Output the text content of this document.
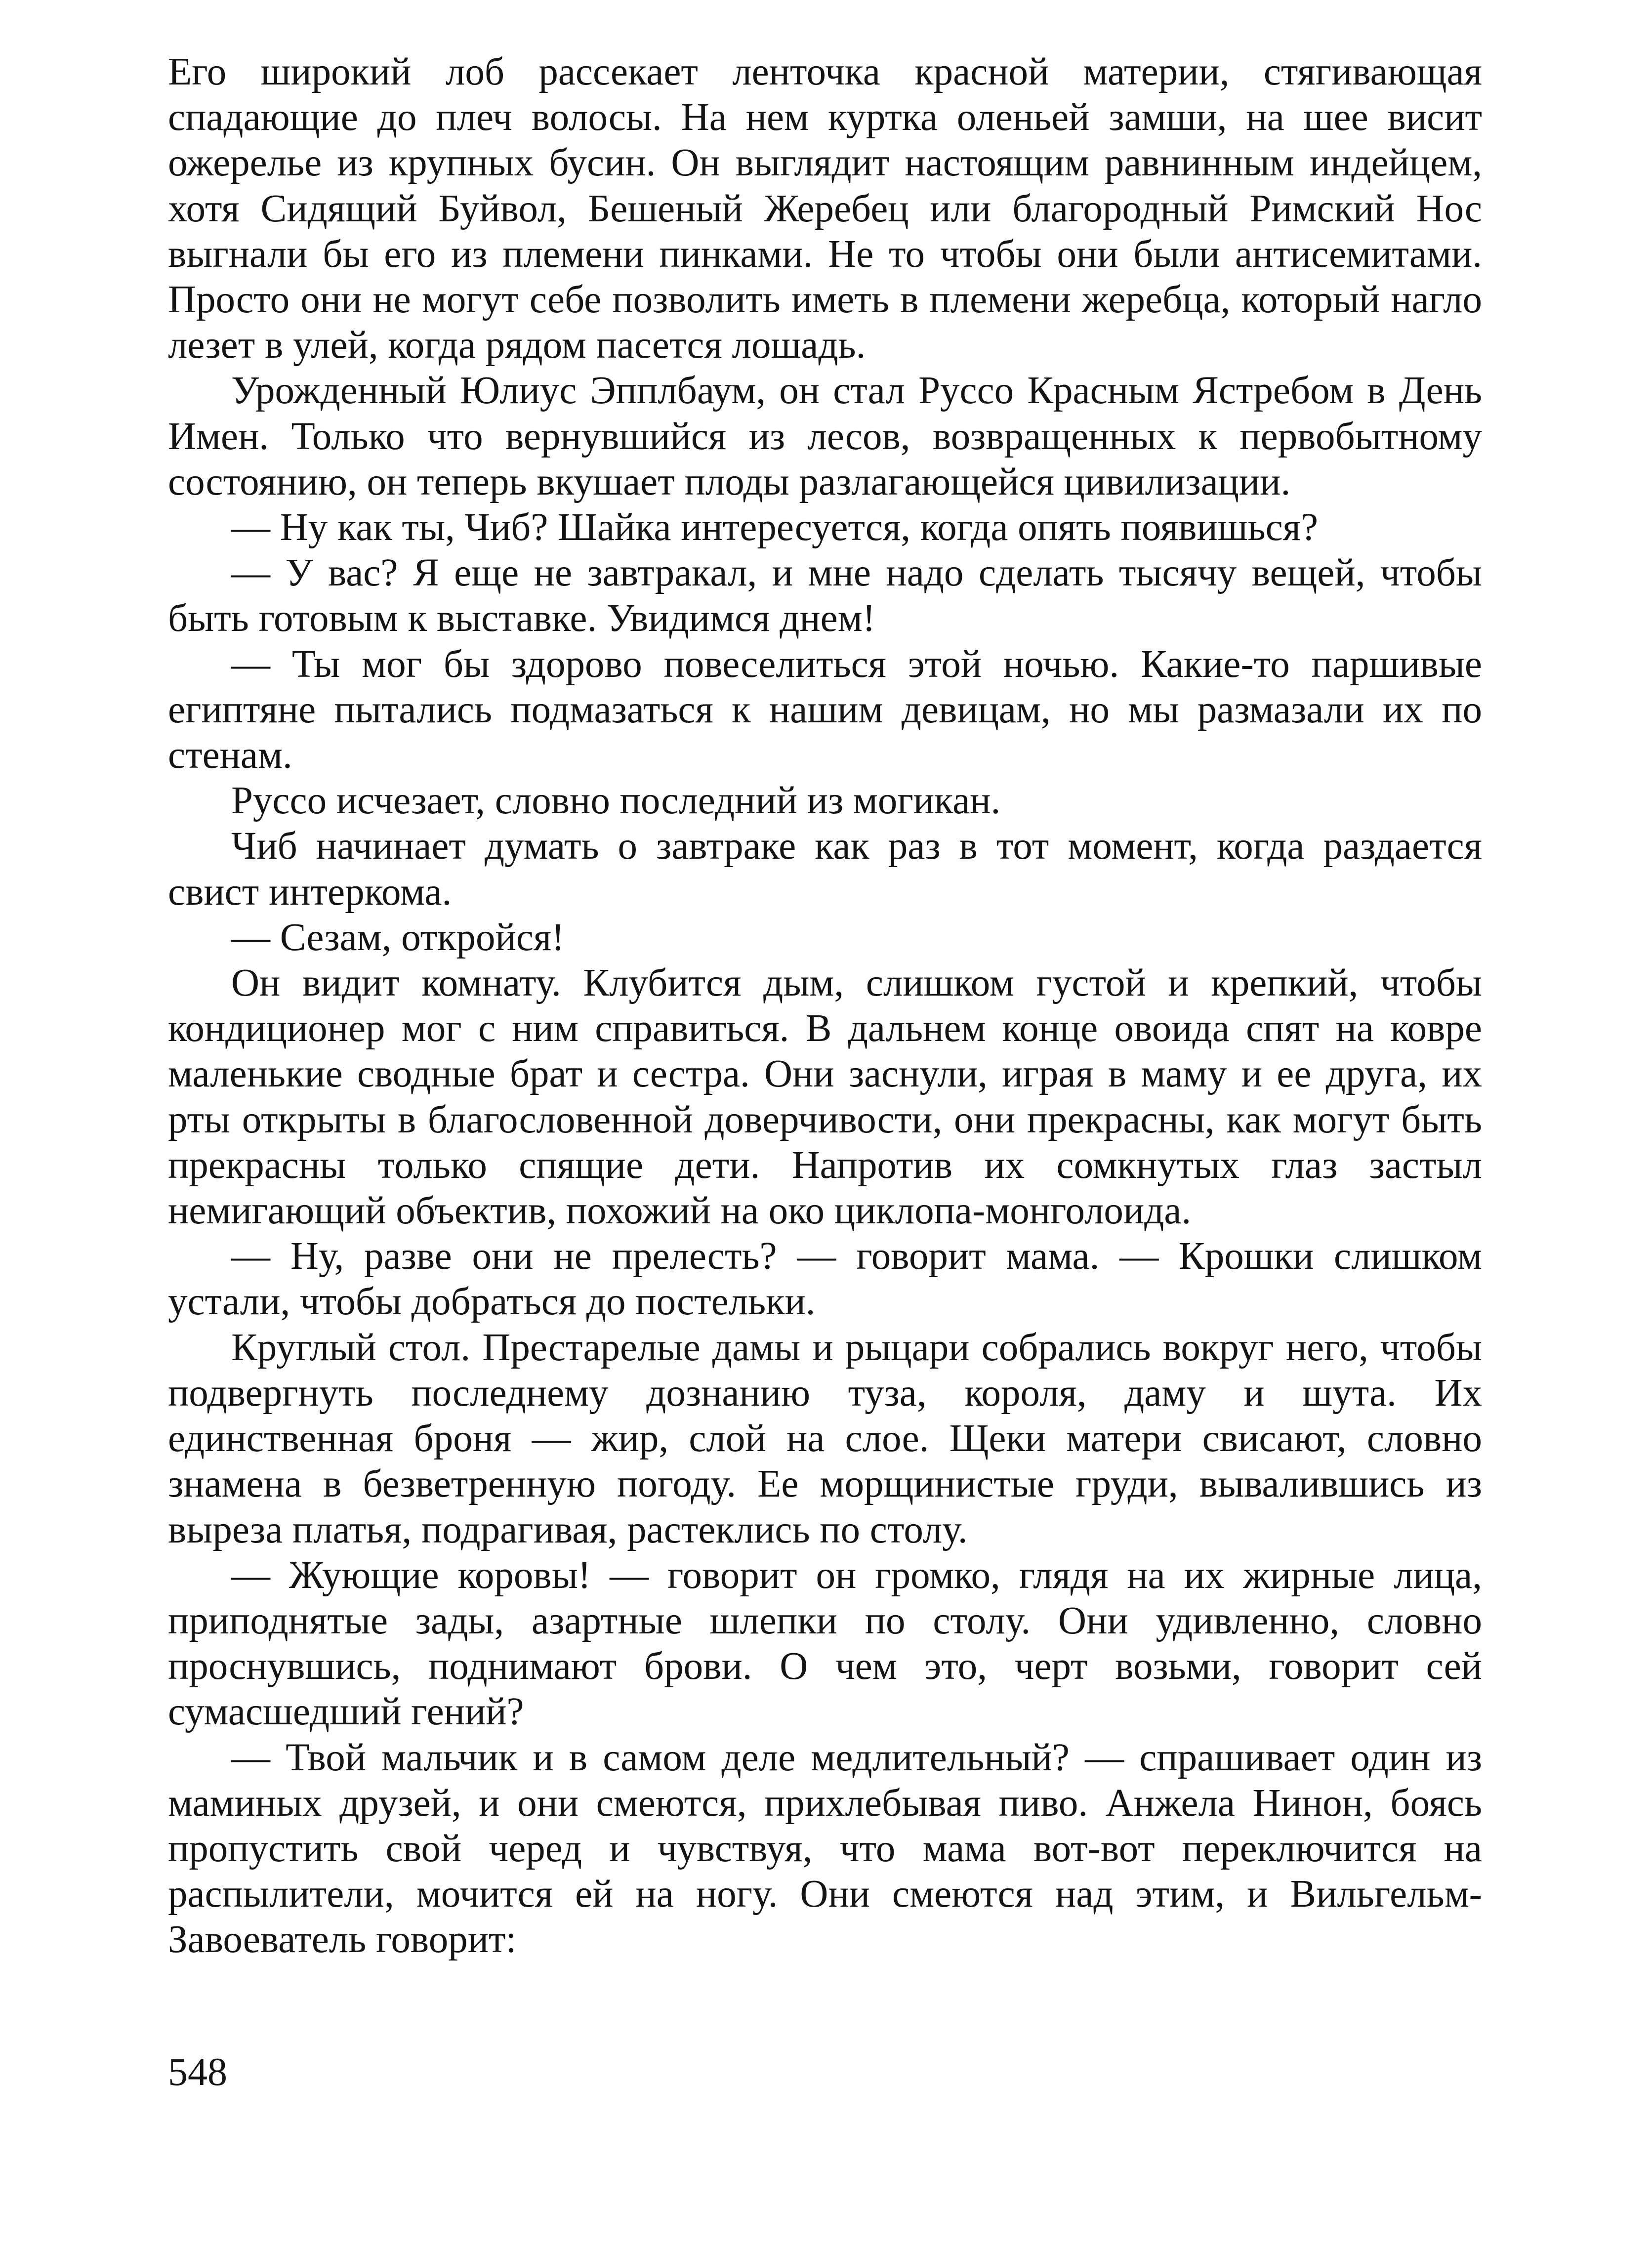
Его широкий лоб рассекает ленточка красной материи, стягивающая спадающие до плеч волосы. На нем куртка оленьей замши, на шее висит ожерелье из крупных бусин. Он выглядит настоящим равнинным индейцем, хотя Сидящий Буйвол, Бешеный Жеребец или благородный Римский Нос выгнали бы его из племени пинками. Не то чтобы они были антисемитами. Просто они не могут себе позволить иметь в племени жеребца, который нагло лезет в улей, когда рядом пасется лошадь.

Урожденный Юлиус Эпплбаум, он стал Руссо Красным Ястребом в День Имен. Только что вернувшийся из лесов, возвращенных к первобытному состоянию, он теперь вкушает плоды разлагающейся цивилизации.

— Ну как ты, Чиб? Шайка интересуется, когда опять появишься?

— У вас? Я еще не завтракал, и мне надо сделать тысячу вещей, чтобы быть готовым к выставке. Увидимся днем!

— Ты мог бы здорово повеселиться этой ночью. Какие-то паршивые египтяне пытались подмазаться к нашим девицам, но мы размазали их по стенам.

Руссо исчезает, словно последний из могикан.

Чиб начинает думать о завтраке как раз в тот момент, когда раздается свист интеркома.

— Сезам, откройся!

Он видит комнату. Клубится дым, слишком густой и крепкий, чтобы кондиционер мог с ним справиться. В дальнем конце овоида спят на ковре маленькие сводные брат и сестра. Они заснули, играя в маму и ее друга, их рты открыты в благословенной доверчивости, они прекрасны, как могут быть прекрасны только спящие дети. Напротив их сомкнутых глаз застыл немигающий объектив, похожий на око циклопа-монголоида.

— Ну, разве они не прелесть? — говорит мама. — Крошки слишком устали, чтобы добраться до постельки.

Круглый стол. Престарелые дамы и рыцари собрались вокруг него, чтобы подвергнуть последнему дознанию туза, короля, даму и шута. Их единственная броня — жир, слой на слое. Щеки матери свисают, словно знамена в безветренную погоду. Ее морщинистые груди, вывалившись из выреза платья, подрагивая, растеклись по столу.

— Жующие коровы! — говорит он громко, глядя на их жирные лица, приподнятые зады, азартные шлепки по столу. Они удивленно, словно проснувшись, поднимают брови. О чем это, черт возьми, говорит сей сумасшедший гений?

— Твой мальчик и в самом деле медлительный? — спрашивает один из маминых друзей, и они смеются, прихлебывая пиво. Анжела Нинон, боясь пропустить свой черед и чувствуя, что мама вот-вот переключится на распылители, мочится ей на ногу. Они смеются над этим, и Вильгельм-Завоеватель говорит:

548
